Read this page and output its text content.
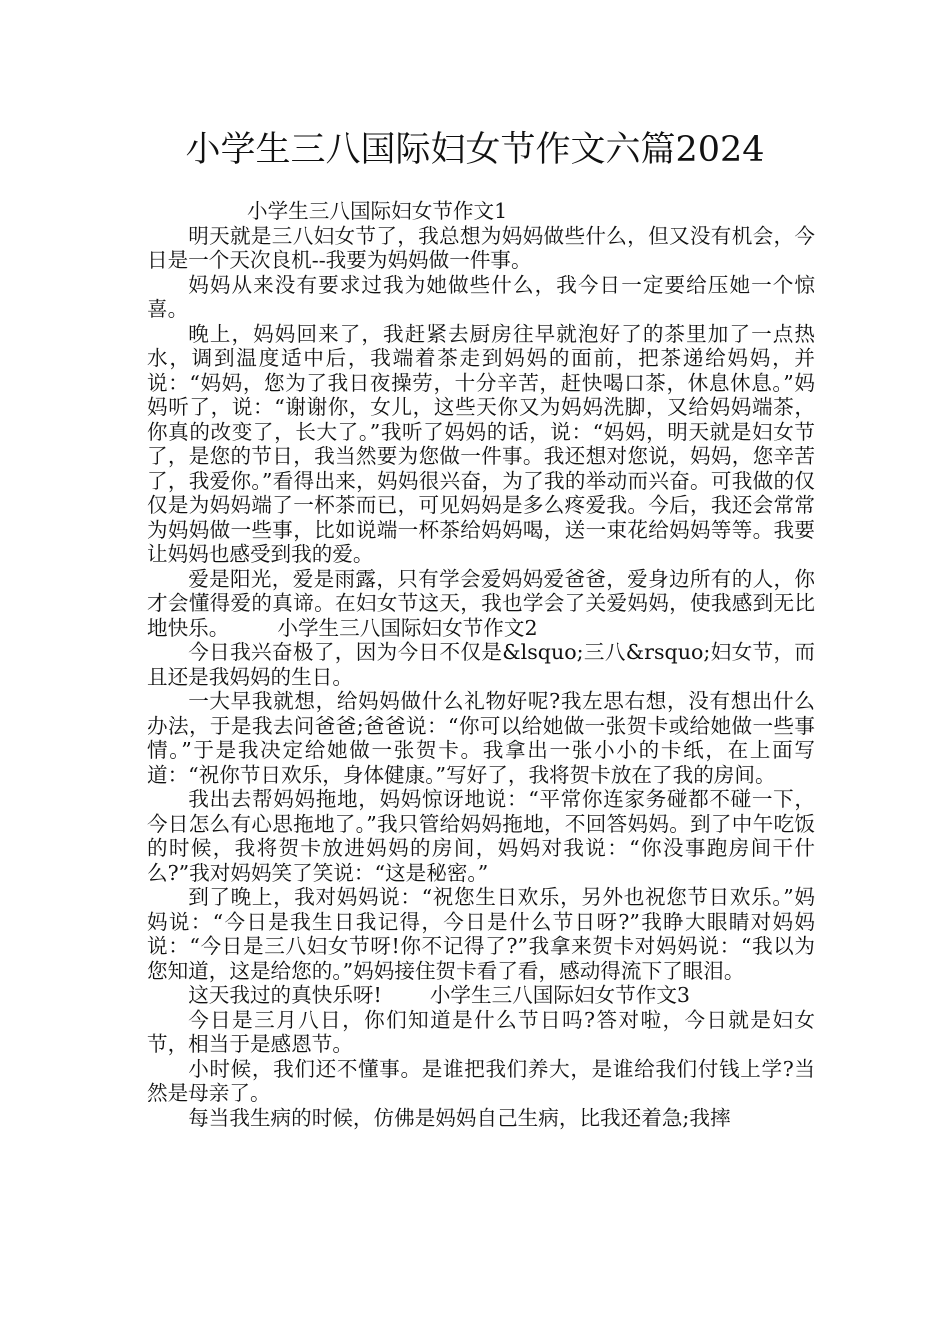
小学生三八国际妇女节作文六篇2024

小学生三八国际妇女节作文1

明天就是三八妇女节了，我总想为妈妈做些什么，但又没有机会，今日是一个天次良机--我要为妈妈做一件事。

妈妈从来没有要求过我为她做些什么，我今日一定要给压她一个惊喜。

晚上，妈妈回来了，我赶紧去厨房往早就泡好了的茶里加了一点热水，调到温度适中后，我端着茶走到妈妈的面前，把茶递给妈妈，并说：“妈妈，您为了我日夜操劳，十分辛苦，赶快喝口茶，休息休息。”妈妈听了，说：“谢谢你，女儿，这些天你又为妈妈洗脚，又给妈妈端茶，你真的改变了，长大了。”我听了妈妈的话，说：“妈妈，明天就是妇女节了，是您的节日，我当然要为您做一件事。我还想对您说，妈妈，您辛苦了，我爱你。”看得出来，妈妈很兴奋，为了我的举动而兴奋。可我做的仅仅是为妈妈端了一杯茶而已，可见妈妈是多么疼爱我。今后，我还会常常为妈妈做一些事，比如说端一杯茶给妈妈喝，送一束花给妈妈等等。我要让妈妈也感受到我的爱。

爱是阳光，爱是雨露，只有学会爱妈妈爱爸爸，爱身边所有的人，你才会懂得爱的真谛。在妇女节这天，我也学会了关爱妈妈，使我感到无比地快乐。 小学生三八国际妇女节作文2

今日我兴奋极了，因为今日不仅是&lsquo;三八&rsquo;妇女节，而且还是我妈妈的生日。

一大早我就想，给妈妈做什么礼物好呢?我左思右想，没有想出什么办法，于是我去问爸爸;爸爸说：“你可以给她做一张贺卡或给她做一些事情。”于是我决定给她做一张贺卡。我拿出一张小小的卡纸，在上面写道：“祝你节日欢乐，身体健康。”写好了，我将贺卡放在了我的房间。

我出去帮妈妈拖地，妈妈惊讶地说：“平常你连家务碰都不碰一下，今日怎么有心思拖地了。”我只管给妈妈拖地，不回答妈妈。到了中午吃饭的时候，我将贺卡放进妈妈的房间，妈妈对我说：“你没事跑房间干什么?”我对妈妈笑了笑说：“这是秘密。”

到了晚上，我对妈妈说：“祝您生日欢乐，另外也祝您节日欢乐。”妈妈说：“今日是我生日我记得，今日是什么节日呀?”我睁大眼睛对妈妈说：“今日是三八妇女节呀!你不记得了?”我拿来贺卡对妈妈说：“我以为您知道，这是给您的。”妈妈接住贺卡看了看，感动得流下了眼泪。

这天我过的真快乐呀! 小学生三八国际妇女节作文3

今日是三月八日，你们知道是什么节日吗?答对啦，今日就是妇女节，相当于是感恩节。

小时候，我们还不懂事。是谁把我们养大，是谁给我们付钱上学?当然是母亲了。

每当我生病的时候，仿佛是妈妈自己生病，比我还着急;我摔
